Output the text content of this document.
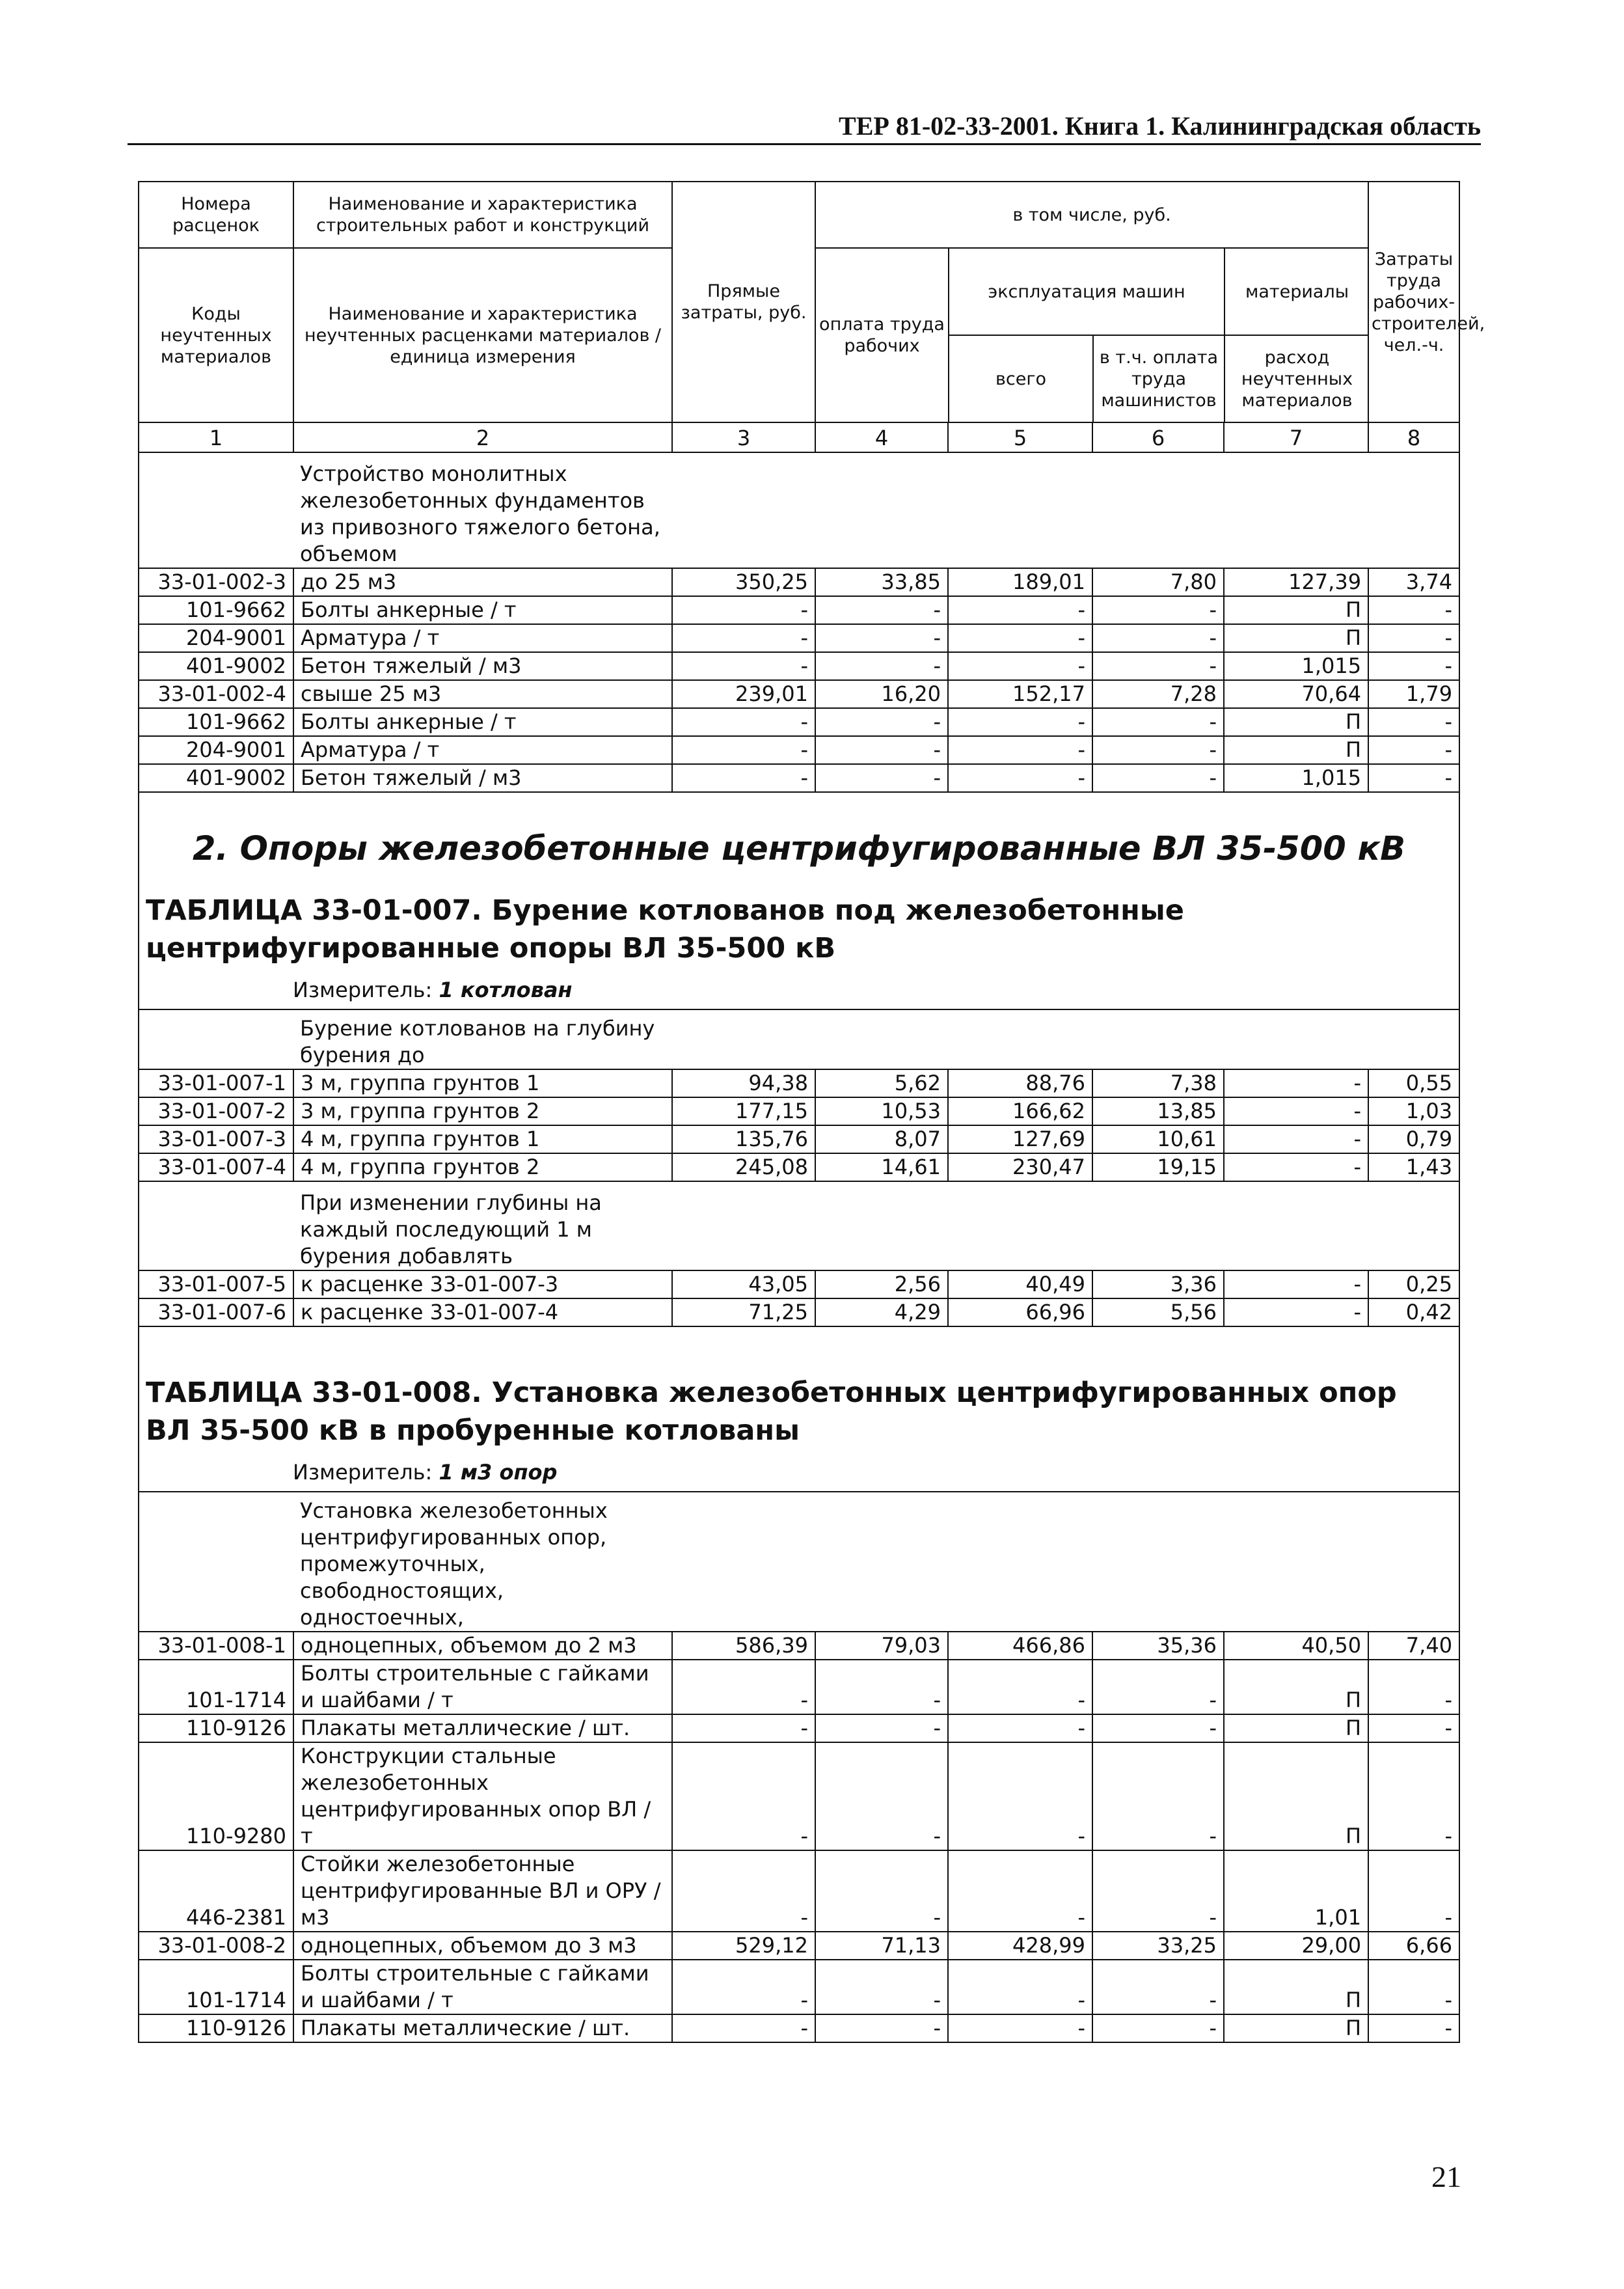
ТЕР 81-02-33-2001. Книга 1. Калининградская область
Номера расценок	Наименование и характеристика строительных работ и конструкций	Прямые затраты, руб.	в том числе, руб.	Затраты труда рабочих-строителей, чел.-ч.

Коды неучтенных материалов	Наименование и характеристика неучтенных расценками материалов / единица измерения	
оплата труда рабочих	эксплуатация машин	материалы
всего	в т.ч. оплата труда машинистов	расход неучтенных материалов

1	2	3	4	5	6	7	8

Устройство монолитных железобетонных фундаментов из привозного тяжелого бетона, объемом

33-01-002-3	до 25 м3	350,25	33,85	189,01	7,80	127,39	3,74
101-9662	Болты анкерные / т	-	-	-	-	П	-
204-9001	Арматура / т	-	-	-	-	П	-
401-9002	Бетон тяжелый / м3	-	-	-	-	1,015	-
33-01-002-4	свыше 25 м3	239,01	16,20	152,17	7,28	70,64	1,79
101-9662	Болты анкерные / т	-	-	-	-	П	-
204-9001	Арматура / т	-	-	-	-	П	-
401-9002	Бетон тяжелый / м3	-	-	-	-	1,015	-

2. Опоры железобетонные центрифугированные ВЛ 35-500 кВ
ТАБЛИЦА 33-01-007. Бурение котлованов под железобетонные
центрифугированные опоры ВЛ 35-500 кВ
Измеритель: 1 котлован

Бурение котлованов на глубину бурения до

33-01-007-1	3 м, группа грунтов 1	94,38	5,62	88,76	7,38	-	0,55
33-01-007-2	3 м, группа грунтов 2	177,15	10,53	166,62	13,85	-	1,03
33-01-007-3	4 м, группа грунтов 1	135,76	8,07	127,69	10,61	-	0,79
33-01-007-4	4 м, группа грунтов 2	245,08	14,61	230,47	19,15	-	1,43

При изменении глубины на каждый последующий 1 м бурения добавлять

33-01-007-5	к расценке 33-01-007-3	43,05	2,56	40,49	3,36	-	0,25
33-01-007-6	к расценке 33-01-007-4	71,25	4,29	66,96	5,56	-	0,42

ТАБЛИЦА 33-01-008. Установка железобетонных центрифугированных опор
ВЛ 35-500 кВ в пробуренные котлованы
Измеритель: 1 м3 опор

Установка железобетонных центрифугированных опор, промежуточных, свободностоящих, одностоечных,

33-01-008-1	одноцепных, объемом до 2 м3	586,39	79,03	466,86	35,36	40,50	7,40
101-1714	Болты строительные с гайками и шайбами / т	-	-	-	-	П	-
110-9126	Плакаты металлические / шт.	-	-	-	-	П	-
110-9280	Конструкции стальные железобетонных центрифугированных опор ВЛ / т	-	-	-	-	П	-
446-2381	Стойки железобетонные центрифугированные ВЛ и ОРУ / м3	-	-	-	-	1,01	-
33-01-008-2	одноцепных, объемом до 3 м3	529,12	71,13	428,99	33,25	29,00	6,66
101-1714	Болты строительные с гайками и шайбами / т	-	-	-	-	П	-
110-9126	Плакаты металлические / шт.	-	-	-	-	П	-
21
